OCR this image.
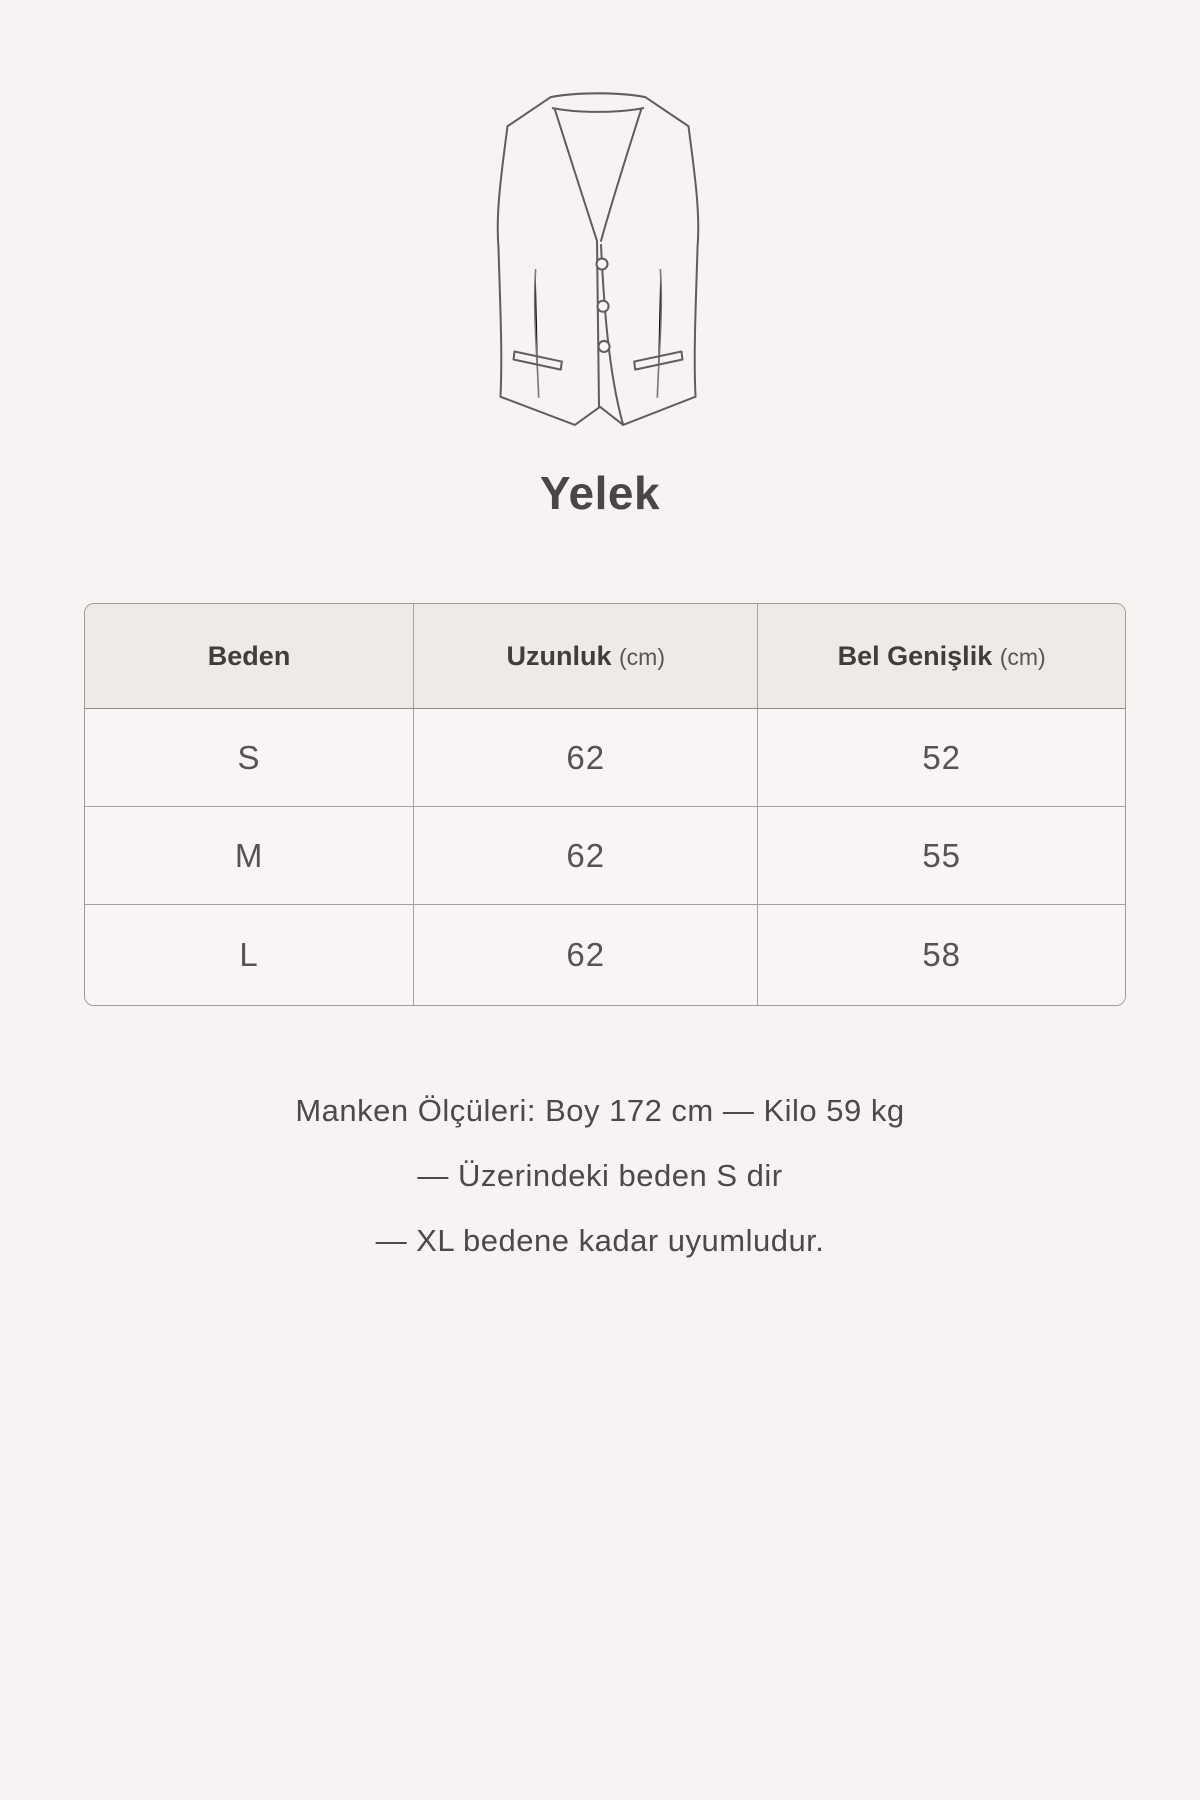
Yelek
Beden	Uzunluk (cm)	Bel Genişlik (cm)
S	62	52
M	62	55
L	62	58
Manken Ölçüleri: Boy 172 cm — Kilo 59 kg
— Üzerindeki beden S dir
— XL bedene kadar uyumludur.
